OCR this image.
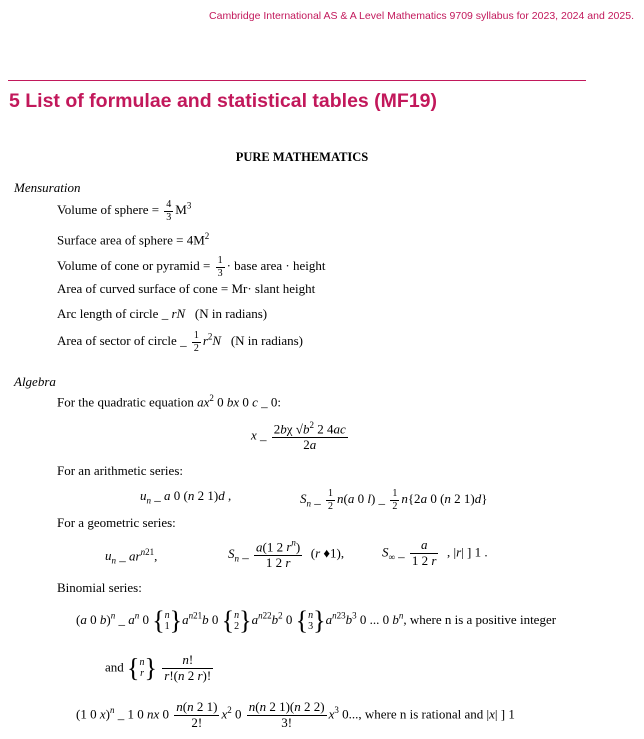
Cambridge International AS & A Level Mathematics 9709 syllabus for 2023, 2024 and 2025.
5 List of formulae and statistical tables (MF19)
PURE MATHEMATICS
Mensuration
Volume of sphere = $\frac{4}{3} M^3$
Surface area of sphere = $4M^2$
Volume of cone or pyramid = $\frac{1}{3}$ · base area · height
Area of curved surface of cone = Mr· slant height
Arc length of circle _ rN (N in radians)
Area of sector of circle _ $\frac{1}{2} r^2N$ (N in radians)
Algebra
For the quadratic equation $ax^2$ 0 bx 0 c _ 0:
x _ $\frac{2b\chi √b^2 2 4ac}{2a}$
For an arithmetic series:
$u_n$ _ a 0 (n 2 1)d ,	$S_n$ _ $\frac{1}{2} n(a$ 0 l) _ $\frac{1}{2} n\{2a$ 0 (n 2 1)d}
For a geometric series:
$u_n$ _ $ar^{n21}$,	$S_n$ _ $\frac{a(1 2 r^n)}{1 2 r} (r$ ♦1),	$S_\infty$ _ $\frac{a}{1 2 r}$ , |r| ] 1 .
Binomial series:
(a 0 b)$^n$ _ $a^n$ 0 {n
$1\}a^{n21}b$ 0 {n
$2\}a^{n22}b^2$ 0 {n
$3\}a^{n23}b^3$ 0 ... 0 $b^n$, where n is a positive integer
and {n
$r\} \frac{n!}{r!(n 2 r)!}$
(1 0 x)$^n$ _ 1 0 nx $0 \frac{n(n 2 1)}{2!} x^2$ $0 \frac{n(n 2 1)(n 2 2)}{3!} x^3$ 0..., where n is rational and |x| ] 1
